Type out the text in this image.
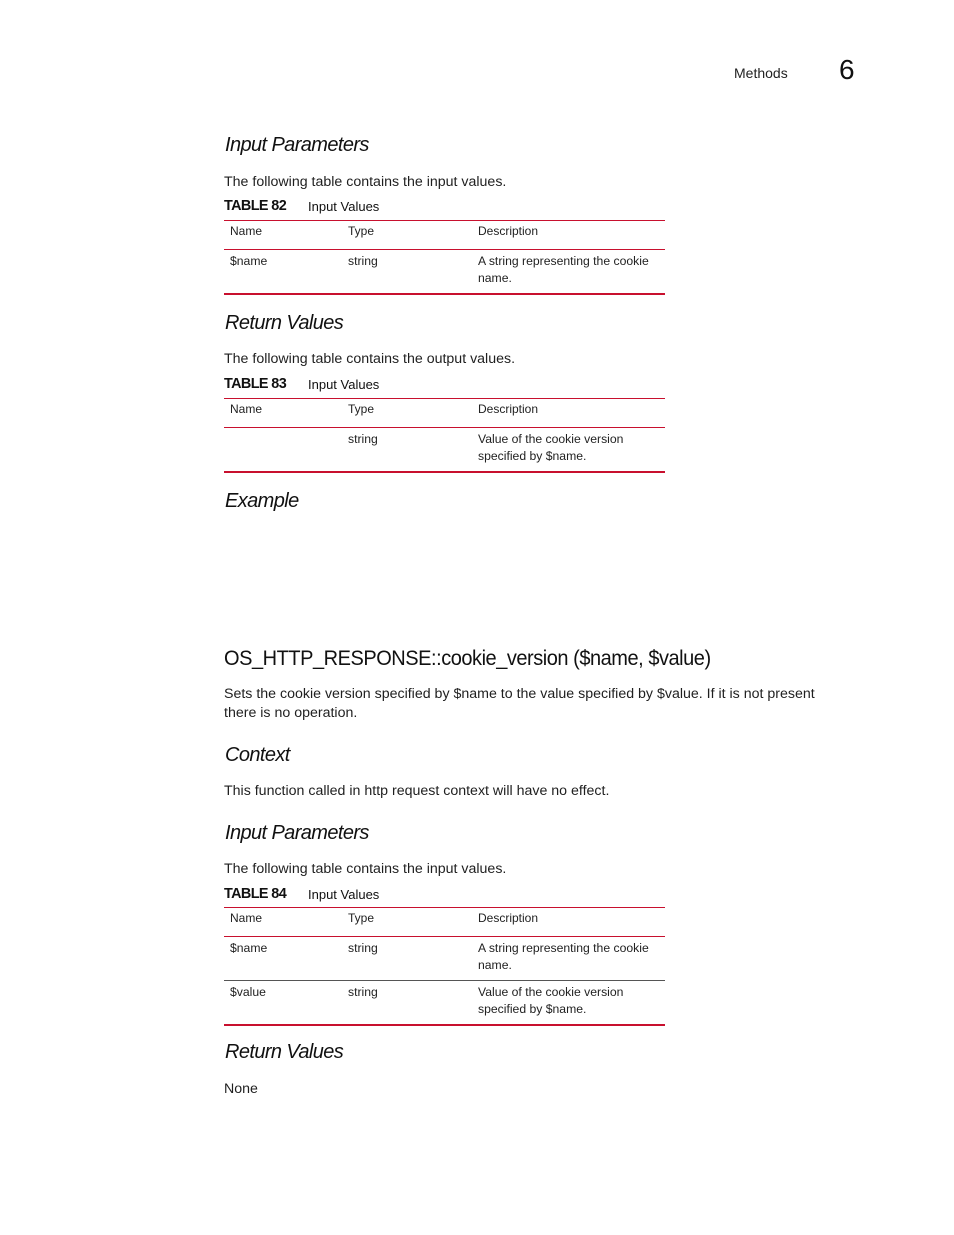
Methods 6
Input Parameters
The following table contains the input values.
TABLE 82 Input Values
Name	Type	Description
$name	string	A string representing the cookie
name.
Return Values
The following table contains the output values.
TABLE 83 Input Values
Name	Type	Description
	string	Value of the cookie version
specified by $name.
Example
OS_HTTP_RESPONSE::cookie_version ($name, $value)
Sets the cookie version specified by $name to the value specified by $value. If it is not present
there is no operation.
Context
This function called in http request context will have no effect.
Input Parameters
The following table contains the input values.
TABLE 84 Input Values
Name	Type	Description
$name	string	A string representing the cookie
name.
$value	string	Value of the cookie version
specified by $name.
Return Values
None
